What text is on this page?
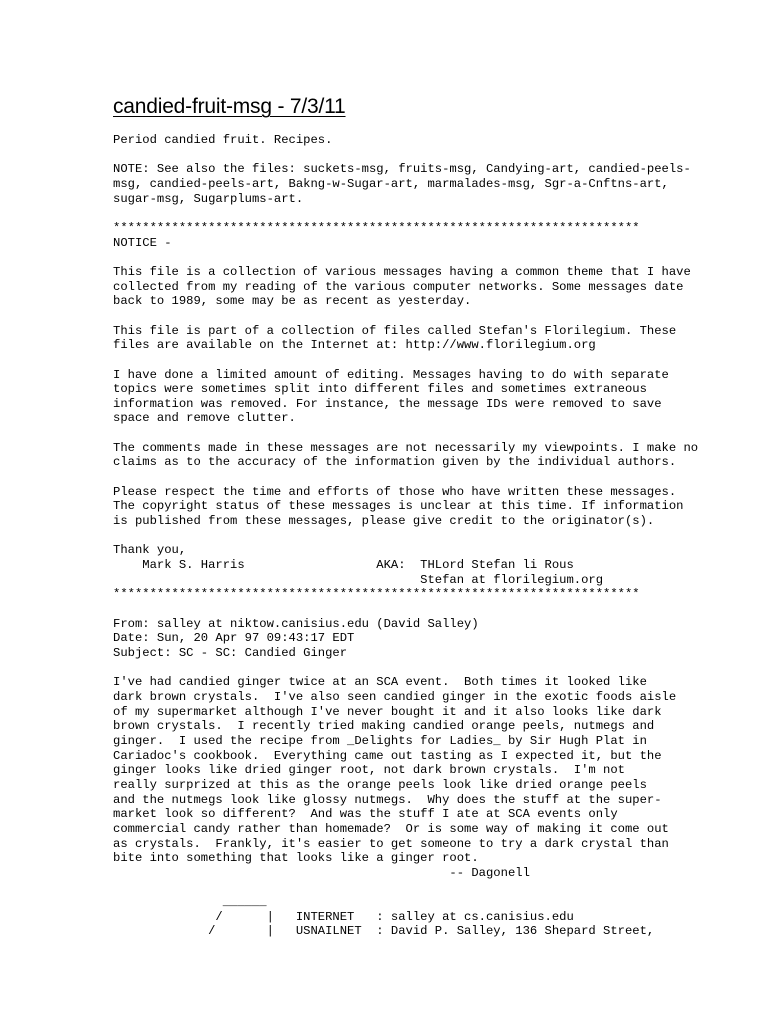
candied-fruit-msg - 7/3/11
Period candied fruit. Recipes.

NOTE: See also the files: suckets-msg, fruits-msg, Candying-art, candied-peels-
msg, candied-peels-art, Bakng-w-Sugar-art, marmalades-msg, Sgr-a-Cnftns-art,
sugar-msg, Sugarplums-art.

************************************************************************
NOTICE -

This file is a collection of various messages having a common theme that I have
collected from my reading of the various computer networks. Some messages date
back to 1989, some may be as recent as yesterday.

This file is part of a collection of files called Stefan's Florilegium. These
files are available on the Internet at: http://www.florilegium.org

I have done a limited amount of editing. Messages having to do with separate
topics were sometimes split into different files and sometimes extraneous
information was removed. For instance, the message IDs were removed to save
space and remove clutter.

The comments made in these messages are not necessarily my viewpoints. I make no
claims as to the accuracy of the information given by the individual authors.

Please respect the time and efforts of those who have written these messages.
The copyright status of these messages is unclear at this time. If information
is published from these messages, please give credit to the originator(s).

Thank you,
Mark S. Harris                  AKA:  THLord Stefan li Rous
Stefan at florilegium.org
************************************************************************

From: salley at niktow.canisius.edu (David Salley)
Date: Sun, 20 Apr 97 09:43:17 EDT
Subject: SC - SC: Candied Ginger

I've had candied ginger twice at an SCA event.  Both times it looked like
dark brown crystals.  I've also seen candied ginger in the exotic foods aisle
of my supermarket although I've never bought it and it also looks like dark
brown crystals.  I recently tried making candied orange peels, nutmegs and
ginger.  I used the recipe from _Delights for Ladies_ by Sir Hugh Plat in
Cariadoc's cookbook.  Everything came out tasting as I expected it, but the
ginger looks like dried ginger root, not dark brown crystals.  I'm not
really surprized at this as the orange peels look like dried orange peels
and the nutmegs look like glossy nutmegs.  Why does the stuff at the super-
market look so different?  And was the stuff I ate at SCA events only
commercial candy rather than homemade?  Or is some way of making it come out
as crystals.  Frankly, it's easier to get someone to try a dark crystal than
bite into something that looks like a ginger root.
-- Dagonell

______
/      |   INTERNET   : salley at cs.canisius.edu
/       |   USNAILNET  : David P. Salley, 136 Shepard Street,
